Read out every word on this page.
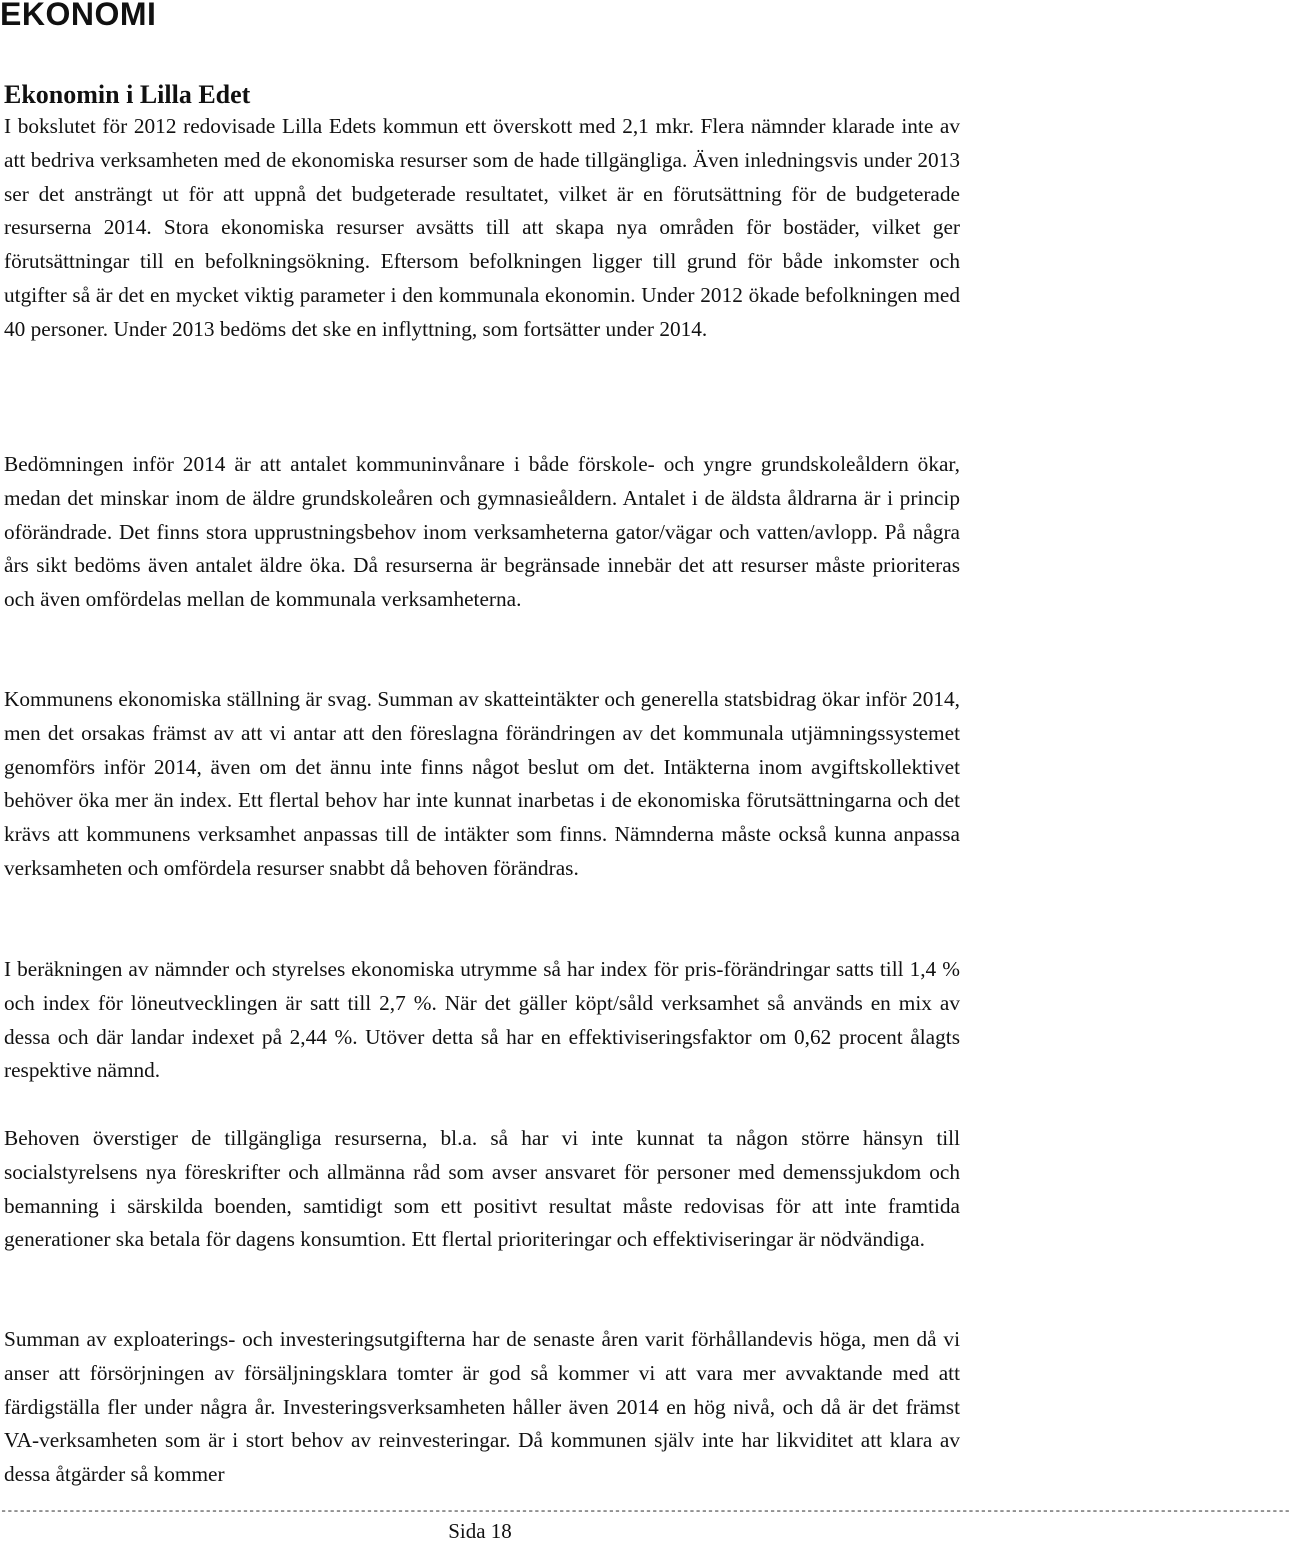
EKONOMI
Ekonomin i Lilla Edet

I bokslutet för 2012 redovisade Lilla Edets kommun ett överskott med 2,1 mkr. Flera nämnder klarade inte av att bedriva verksamheten med de ekonomiska resurser som de hade tillgängliga. Även inledningsvis under 2013 ser det ansträngt ut för att uppnå det budgeterade resultatet, vilket är en förutsättning för de budgeterade resurserna 2014. Stora ekonomiska resurser avsätts till att skapa nya områden för bostäder, vilket ger förutsättningar till en befolkningsökning. Eftersom befolkningen ligger till grund för både inkomster och utgifter så är det en mycket viktig parameter i den kommunala ekonomin. Under 2012 ökade befolkningen med 40 personer. Under 2013 bedöms det ske en inflyttning, som fortsätter under 2014.

Bedömningen inför 2014 är att antalet kommuninvånare i både förskole- och yngre grundskoleåldern ökar, medan det minskar inom de äldre grundskoleåren och gymnasieåldern. Antalet i de äldsta åldrarna är i princip oförändrade. Det finns stora upprustningsbehov inom verksamheterna gator/vägar och vatten/avlopp. På några års sikt bedöms även antalet äldre öka. Då resurserna är begränsade innebär det att resurser måste prioriteras och även omfördelas mellan de kommunala verksamheterna.

Kommunens ekonomiska ställning är svag. Summan av skatteintäkter och generella statsbidrag ökar inför 2014, men det orsakas främst av att vi antar att den föreslagna förändringen av det kommunala utjämningssystemet genomförs inför 2014, även om det ännu inte finns något beslut om det. Intäkterna inom avgiftskollektivet behöver öka mer än index. Ett flertal behov har inte kunnat inarbetas i de ekonomiska förutsättningarna och det krävs att kommunens verksamhet anpassas till de intäkter som finns. Nämnderna måste också kunna anpassa verksamheten och omfördela resurser snabbt då behoven förändras.

I beräkningen av nämnder och styrelses ekonomiska utrymme så har index för pris-förändringar satts till 1,4 % och index för löneutvecklingen är satt till 2,7 %. När det gäller köpt/såld verksamhet så används en mix av dessa och där landar indexet på 2,44 %. Utöver detta så har en effektiviseringsfaktor om 0,62 procent ålagts respektive nämnd.

Behoven överstiger de tillgängliga resurserna, bl.a. så har vi inte kunnat ta någon större hänsyn till socialstyrelsens nya föreskrifter och allmänna råd som avser ansvaret för personer med demenssjukdom och bemanning i särskilda boenden, samtidigt som ett positivt resultat måste redovisas för att inte framtida generationer ska betala för dagens konsumtion. Ett flertal prioriteringar och effektiviseringar är nödvändiga.

Summan av exploaterings- och investeringsutgifterna har de senaste åren varit förhållandevis höga, men då vi anser att försörjningen av försäljningsklara tomter är god så kommer vi att vara mer avvaktande med att färdigställa fler under några år. Investeringsverksamheten håller även 2014 en hög nivå, och då är det främst VA-verksamheten som är i stort behov av reinvesteringar. Då kommunen själv inte har likviditet att klara av dessa åtgärder så kommer

----------------------------------------------------------------------------------------------------------------------------------------------------------------------------------------------------------------
Sida 18
